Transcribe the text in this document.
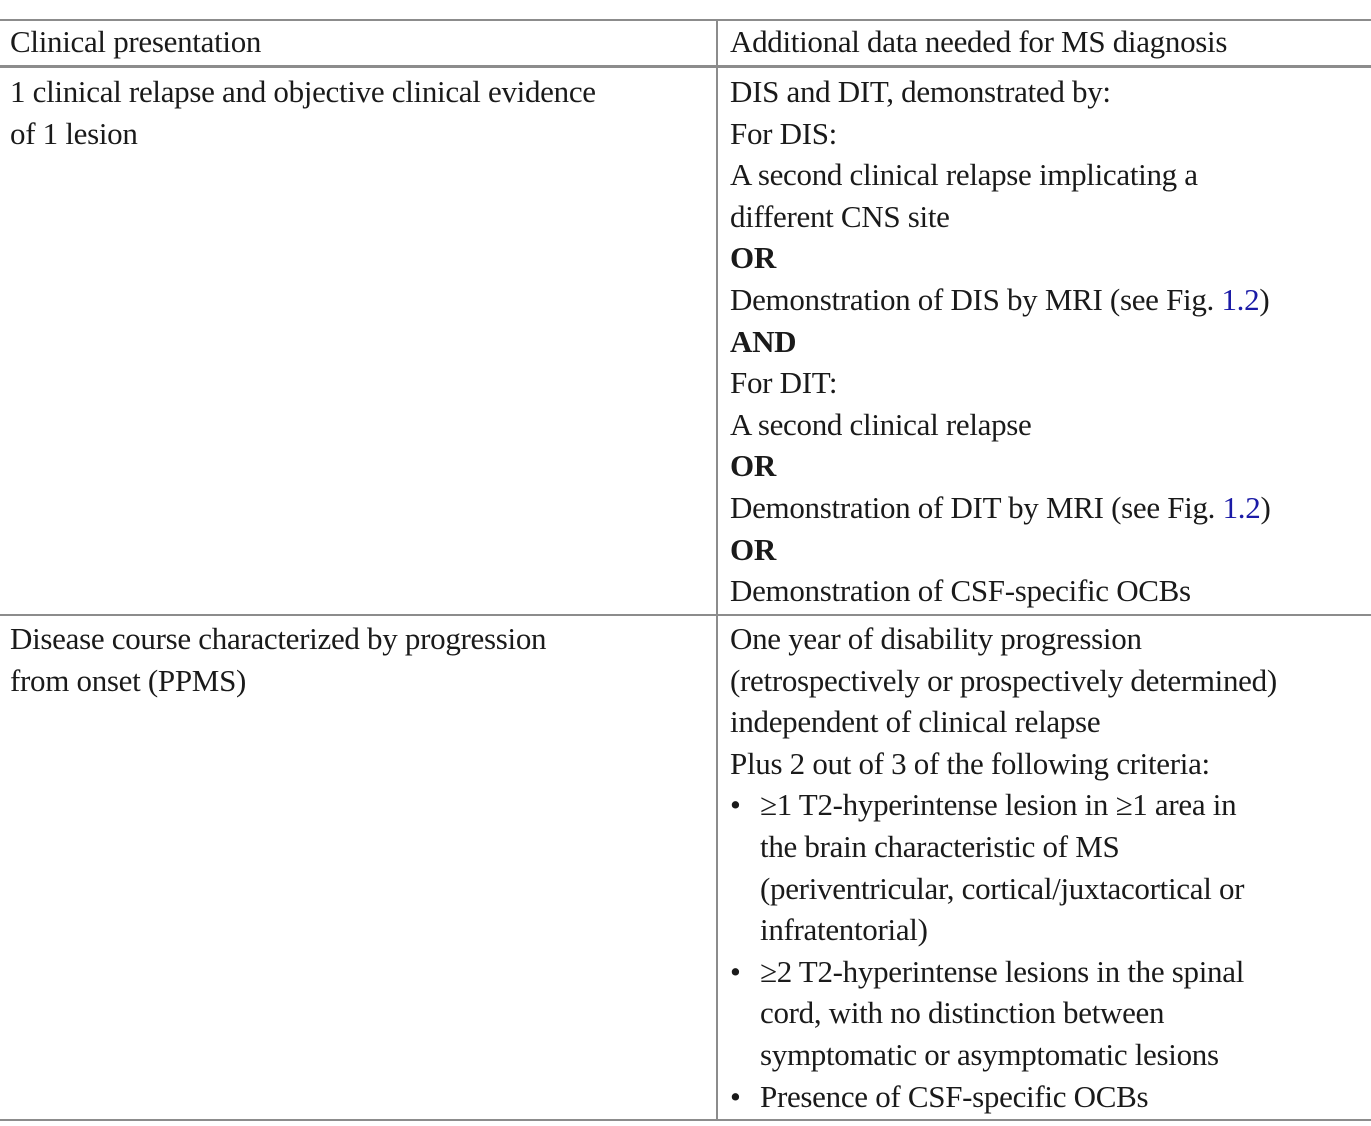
Clinical presentation	Additional data needed for MS diagnosis
1 clinical relapse and objective clinical evidence
of 1 lesion
DIS and DIT, demonstrated by:
For DIS:
A second clinical relapse implicating a
different CNS site
OR
Demonstration of DIS by MRI (see Fig. 1.2)
AND
For DIT:
A second clinical relapse
OR
Demonstration of DIT by MRI (see Fig. 1.2)
OR
Demonstration of CSF-specific OCBs
Disease course characterized by progression
from onset (PPMS)
One year of disability progression
(retrospectively or prospectively determined)
independent of clinical relapse
Plus 2 out of 3 of the following criteria:
• ≥1 T2-hyperintense lesion in ≥1 area in
the brain characteristic of MS
(periventricular, cortical/juxtacortical or
infratentorial)
• ≥2 T2-hyperintense lesions in the spinal
cord, with no distinction between
symptomatic or asymptomatic lesions
• Presence of CSF-specific OCBs
